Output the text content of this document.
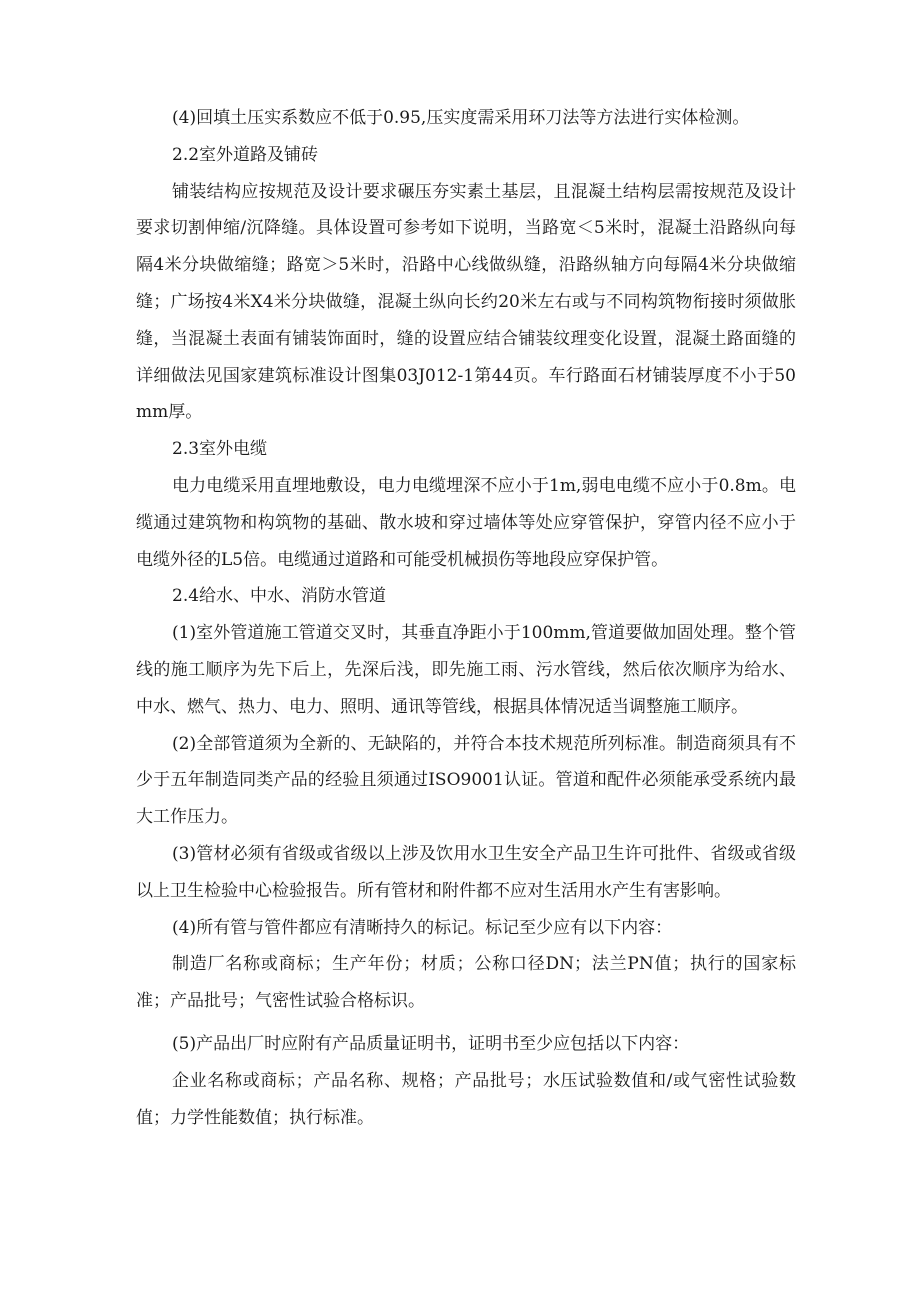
(4)回填土压实系数应不低于0.95,压实度需采用环刀法等方法进行实体检测。

2.2室外道路及铺砖

铺装结构应按规范及设计要求碾压夯实素土基层，且混凝土结构层需按规范及设计要求切割伸缩/沉降缝。具体设置可参考如下说明，当路宽＜5米时，混凝土沿路纵向每隔4米分块做缩缝；路宽＞5米时，沿路中心线做纵缝，沿路纵轴方向每隔4米分块做缩缝；广场按4米X4米分块做缝，混凝土纵向长约20米左右或与不同构筑物衔接时须做胀缝，当混凝土表面有铺装饰面时，缝的设置应结合铺装纹理变化设置，混凝土路面缝的详细做法见国家建筑标准设计图集03J012-1第44页。车行路面石材铺装厚度不小于50mm厚。

2.3室外电缆

电力电缆采用直埋地敷设，电力电缆埋深不应小于1m,弱电电缆不应小于0.8m。电缆通过建筑物和构筑物的基础、散水坡和穿过墙体等处应穿管保护，穿管内径不应小于电缆外径的L5倍。电缆通过道路和可能受机械损伤等地段应穿保护管。

2.4给水、中水、消防水管道

(1)室外管道施工管道交叉时，其垂直净距小于100mm,管道要做加固处理。整个管线的施工顺序为先下后上，先深后浅，即先施工雨、污水管线，然后依次顺序为给水、中水、燃气、热力、电力、照明、通讯等管线，根据具体情况适当调整施工顺序。

(2)全部管道须为全新的、无缺陷的，并符合本技术规范所列标准。制造商须具有不少于五年制造同类产品的经验且须通过ISO9001认证。管道和配件必须能承受系统内最大工作压力。

(3)管材必须有省级或省级以上涉及饮用水卫生安全产品卫生许可批件、省级或省级以上卫生检验中心检验报告。所有管材和附件都不应对生活用水产生有害影响。

(4)所有管与管件都应有清晰持久的标记。标记至少应有以下内容：

制造厂名称或商标；生产年份；材质；公称口径DN；法兰PN值；执行的国家标准；产品批号；气密性试验合格标识。

(5)产品出厂时应附有产品质量证明书，证明书至少应包括以下内容：

企业名称或商标；产品名称、规格；产品批号；水压试验数值和/或气密性试验数值；力学性能数值；执行标准。
